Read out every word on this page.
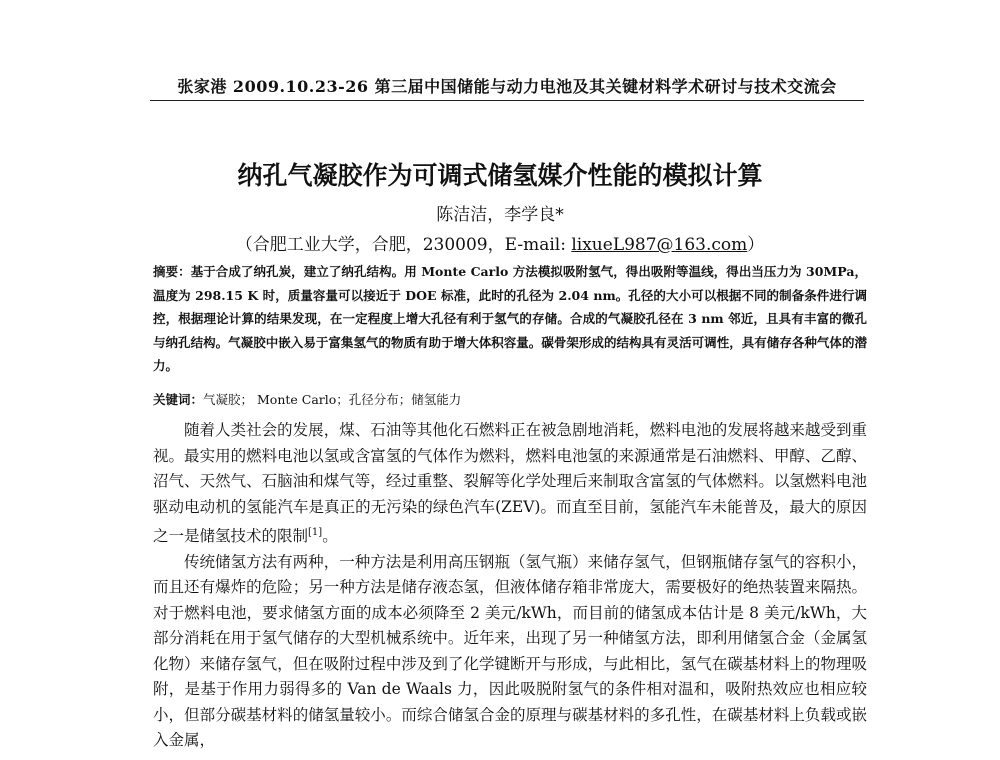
张家港 2009.10.23-26 第三届中国储能与动力电池及其关键材料学术研讨与技术交流会
纳孔气凝胶作为可调式储氢媒介性能的模拟计算
陈洁洁，李学良*
（合肥工业大学，合肥，230009，E-mail: lixueL987@163.com）
摘要：基于合成了纳孔炭，建立了纳孔结构。用 Monte Carlo 方法模拟吸附氢气，得出吸附等温线，得出当压力为 30MPa，温度为 298.15 K 时，质量容量可以接近于 DOE 标准，此时的孔径为 2.04 nm。孔径的大小可以根据不同的制备条件进行调控，根据理论计算的结果发现，在一定程度上增大孔径有利于氢气的存储。合成的气凝胶孔径在 3 nm 邻近，且具有丰富的微孔与纳孔结构。气凝胶中嵌入易于富集氢气的物质有助于增大体积容量。碳骨架形成的结构具有灵活可调性，具有储存各种气体的潜力。
关键词：气凝胶； Monte Carlo；孔径分布；储氢能力

随着人类社会的发展，煤、石油等其他化石燃料正在被急剧地消耗，燃料电池的发展将越来越受到重视。最实用的燃料电池以氢或含富氢的气体作为燃料，燃料电池氢的来源通常是石油燃料、甲醇、乙醇、沼气、天然气、石脑油和煤气等，经过重整、裂解等化学处理后来制取含富氢的气体燃料。以氢燃料电池驱动电动机的氢能汽车是真正的无污染的绿色汽车(ZEV)。而直至目前，氢能汽车未能普及，最大的原因之一是储氢技术的限制[1]。

传统储氢方法有两种，一种方法是利用高压钢瓶（氢气瓶）来储存氢气，但钢瓶储存氢气的容积小，而且还有爆炸的危险；另一种方法是储存液态氢，但液体储存箱非常庞大，需要极好的绝热装置来隔热。对于燃料电池，要求储氢方面的成本必须降至 2 美元/kWh，而目前的储氢成本估计是 8 美元/kWh，大部分消耗在用于氢气储存的大型机械系统中。近年来，出现了另一种储氢方法，即利用储氢合金（金属氢化物）来储存氢气，但在吸附过程中涉及到了化学键断开与形成，与此相比，氢气在碳基材料上的物理吸附，是基于作用力弱得多的 Van de Waals 力，因此吸脱附氢气的条件相对温和，吸附热效应也相应较小，但部分碳基材料的储氢量较小。而综合储氢合金的原理与碳基材料的多孔性，在碳基材料上负载或嵌入金属，
